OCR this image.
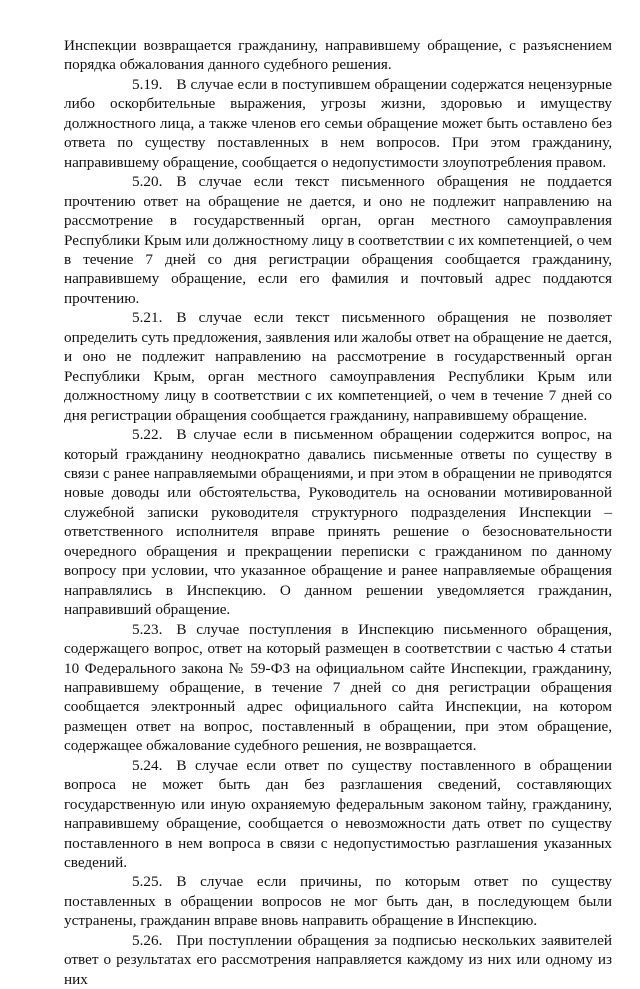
Инспекции возвращается гражданину, направившему обращение, с разъяснением порядка обжалования данного судебного решения.

5.19. В случае если в поступившем обращении содержатся нецензурные либо оскорбительные выражения, угрозы жизни, здоровью и имуществу должностного лица, а также членов его семьи обращение может быть оставлено без ответа по существу поставленных в нем вопросов. При этом гражданину, направившему обращение, сообщается о недопустимости злоупотребления правом.

5.20. В случае если текст письменного обращения не поддается прочтению ответ на обращение не дается, и оно не подлежит направлению на рассмотрение в государственный орган, орган местного самоуправления Республики Крым или должностному лицу в соответствии с их компетенцией, о чем в течение 7 дней со дня регистрации обращения сообщается гражданину, направившему обращение, если его фамилия и почтовый адрес поддаются прочтению.

5.21. В случае если текст письменного обращения не позволяет определить суть предложения, заявления или жалобы ответ на обращение не дается, и оно не подлежит направлению на рассмотрение в государственный орган Республики Крым, орган местного самоуправления Республики Крым или должностному лицу в соответствии с их компетенцией, о чем в течение 7 дней со дня регистрации обращения сообщается гражданину, направившему обращение.

5.22. В случае если в письменном обращении содержится вопрос, на который гражданину неоднократно давались письменные ответы по существу в связи с ранее направляемыми обращениями, и при этом в обращении не приводятся новые доводы или обстоятельства, Руководитель на основании мотивированной служебной записки руководителя структурного подразделения Инспекции – ответственного исполнителя вправе принять решение о безосновательности очередного обращения и прекращении переписки с гражданином по данному вопросу при условии, что указанное обращение и ранее направляемые обращения направлялись в Инспекцию. О данном решении уведомляется гражданин, направивший обращение.

5.23. В случае поступления в Инспекцию письменного обращения, содержащего вопрос, ответ на который размещен в соответствии с частью 4 статьи 10 Федерального закона № 59-ФЗ на официальном сайте Инспекции, гражданину, направившему обращение, в течение 7 дней со дня регистрации обращения сообщается электронный адрес официального сайта Инспекции, на котором размещен ответ на вопрос, поставленный в обращении, при этом обращение, содержащее обжалование судебного решения, не возвращается.

5.24. В случае если ответ по существу поставленного в обращении вопроса не может быть дан без разглашения сведений, составляющих государственную или иную охраняемую федеральным законом тайну, гражданину, направившему обращение, сообщается о невозможности дать ответ по существу поставленного в нем вопроса в связи с недопустимостью разглашения указанных сведений.

5.25. В случае если причины, по которым ответ по существу поставленных в обращении вопросов не мог быть дан, в последующем были устранены, гражданин вправе вновь направить обращение в Инспекцию.

5.26. При поступлении обращения за подписью нескольких заявителей ответ о результатах его рассмотрения направляется каждому из них или одному из них
